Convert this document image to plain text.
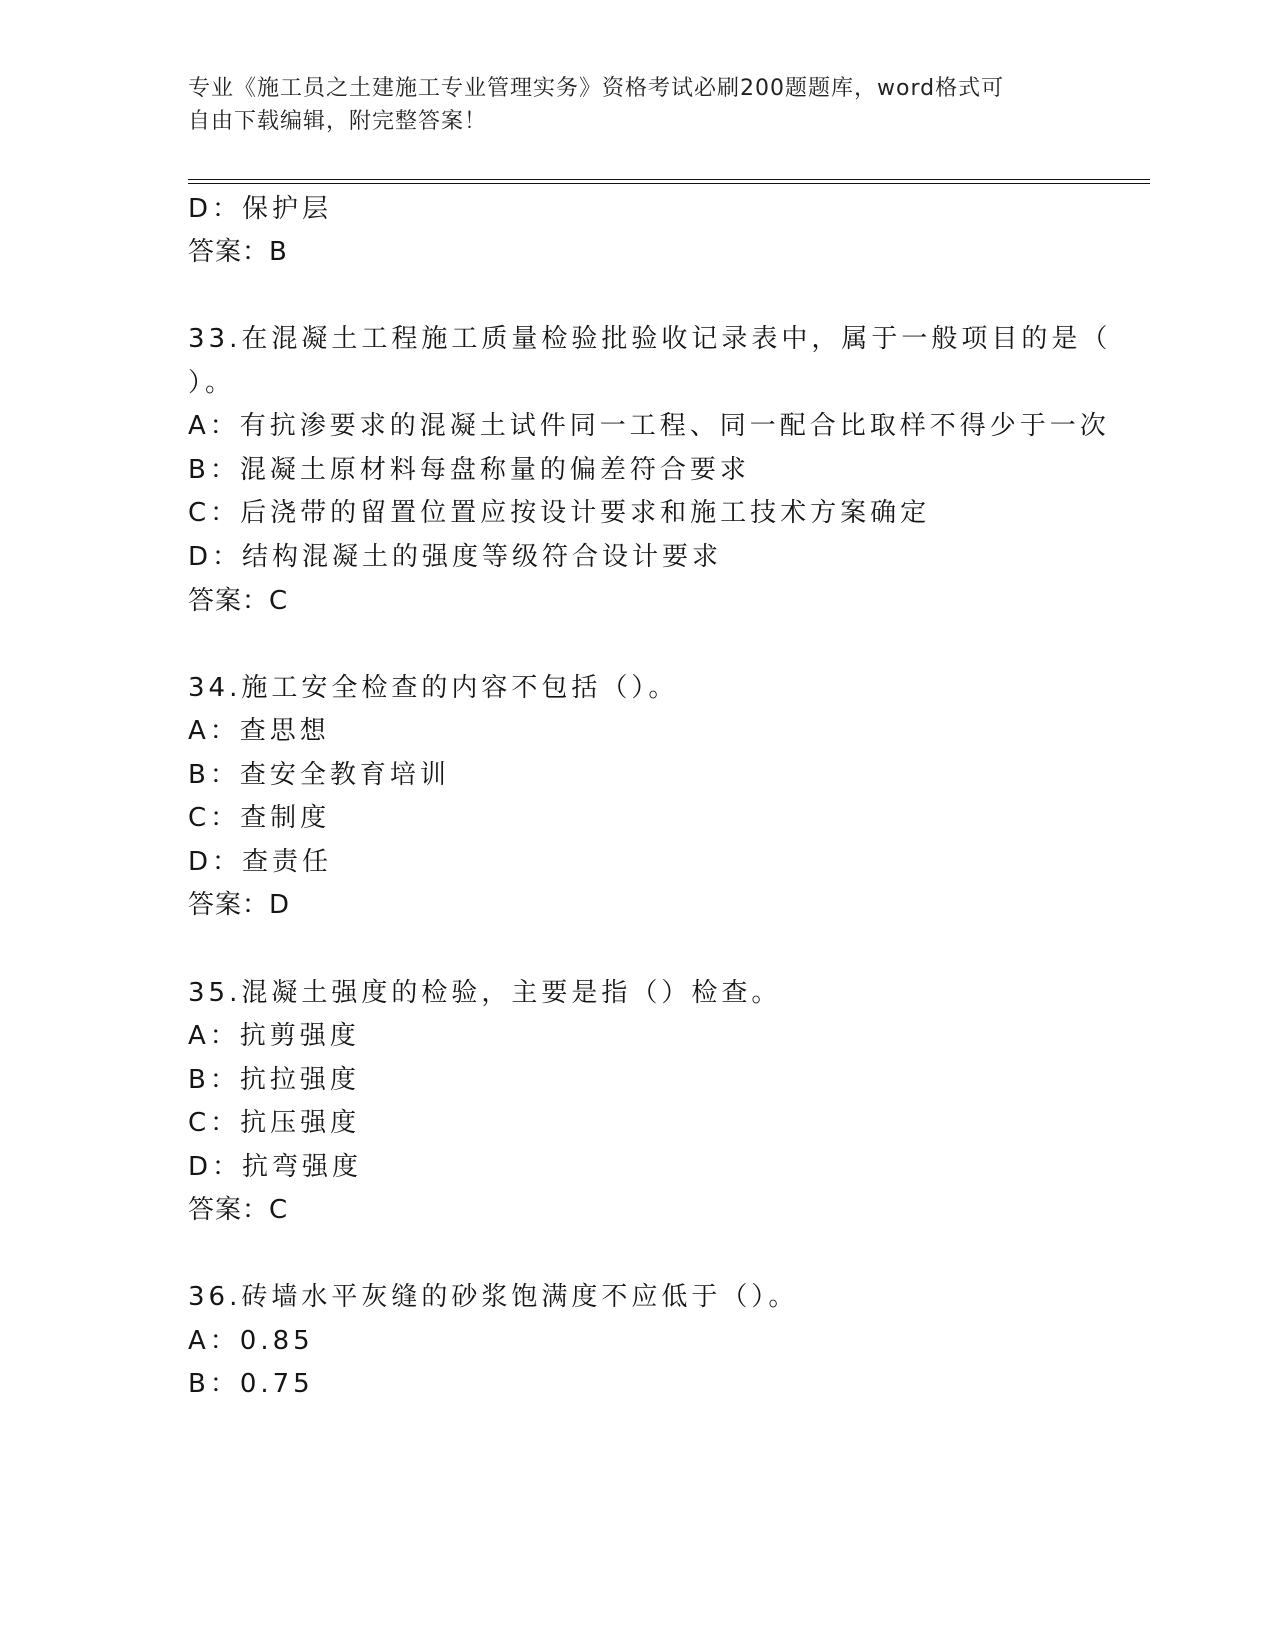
专业《施工员之土建施工专业管理实务》资格考试必刷200题题库，word格式可
自由下载编辑，附完整答案！
D：保护层
答案：B
33.在混凝土工程施工质量检验批验收记录表中，属于一般项目的是（
）。
A：有抗渗要求的混凝土试件同一工程、同一配合比取样不得少于一次
B：混凝土原材料每盘称量的偏差符合要求
C：后浇带的留置位置应按设计要求和施工技术方案确定
D：结构混凝土的强度等级符合设计要求
答案：C
34.施工安全检查的内容不包括（）。
A：查思想
B：查安全教育培训
C：查制度
D：查责任
答案：D
35.混凝土强度的检验，主要是指（）检查。
A：抗剪强度
B：抗拉强度
C：抗压强度
D：抗弯强度
答案：C
36.砖墙水平灰缝的砂浆饱满度不应低于（）。
A：0.85
B：0.75
